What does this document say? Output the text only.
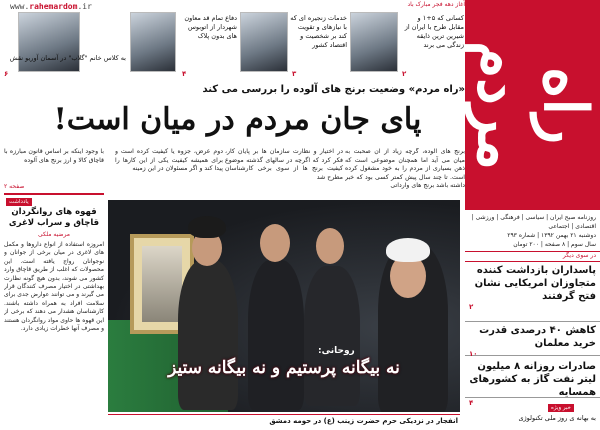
راه مردم
روزنامه صبح ایران | سیاسی | فرهنگی | ورزشی | اقتصادی | اجتماعی
دوشنبه ۲۱ بهمن ۱۳۹۲ | شماره ۲۹۳
سال سوم | ۸ صفحه | ۲۰۰ تومان
آغاز دهه فجر مبارک باد
www.rahemardom.ir
کسانی که ۵+۱ و مقابل طرح با ایران از شیرین ترین ذایقه زندگی می برند
۲
خدمات زنجیره ای که با نیازهای و تقویت کند بر شخصیت و اقتصاد کشور
۳
دفاع تمام قد معاون شهردار از اتوبوس های بدون پلاک
۴
به کلاس خانم "گلاب" در آسمان آوریو نقش
۶
«راه مردم» وضعیت برنج های آلوده را بررسی می کند
پای جان مردم در میان است!
برنج های آلوده، گرچه زیاد از آن صحبت به میان می آید اما همچنان موضوعی است که ذهن بسیاری از مردم را به خود مشغول کرده است. تا چند سال پیش کمتر کسی بود که خبر داشته باشد برنج های وارداتی
در اختیار و نظارت سازمان ها بر پایان کار، فکر کرد که اگرچه در سالهای گذشته موضوع کیفیت برنج ها از سوی برخی کارشناسان مطرح شد
دوم عرض، جزوه یا کیفیت کرده است و برای همیشه کیفیت یکی از این کارها را پیدا کند و اگر مسئولان در این زمینه
با وجود اینکه بر اساس قانون مبارزه با قاچاق کالا و ارز برنج های آلوده
صفحه ۲
یادداشت
قهوه های روانگردان قاچاق و سراب لاغری
مرضیه ملکی
امروزه استفاده از انواع داروها و مکمل های لاغری در میان برخی از جوانان و نوجوانان رواج یافته است. این محصولات که اغلب از طریق قاچاق وارد کشور می شوند، بدون هیچ گونه نظارت بهداشتی در اختیار مصرف کنندگان قرار می گیرند و می توانند عوارض جدی برای سلامت افراد به همراه داشته باشند. کارشناسان هشدار می دهند که برخی از این قهوه ها حاوی مواد روانگردان هستند و مصرف آنها خطرات زیادی دارد.
روحانی:
نه بیگانه پرستیم و نه بیگانه ستیز
در سوی دیگر
پاسداران بازداشت کننده متجاوزان امریکایی نشان فتح گرفتند
۲
کاهش ۴۰ درصدی قدرت خرید معلمان
۱۰
صادرات روزانه ۸ میلیون لیتر نفت گاز به کشورهای همسایه
۴
خبر ویژه
به بهانه ی روز ملی تکنولوژی
انفجار در نزدیکی حرم حضرت زینب (ع) در حومه دمشق
